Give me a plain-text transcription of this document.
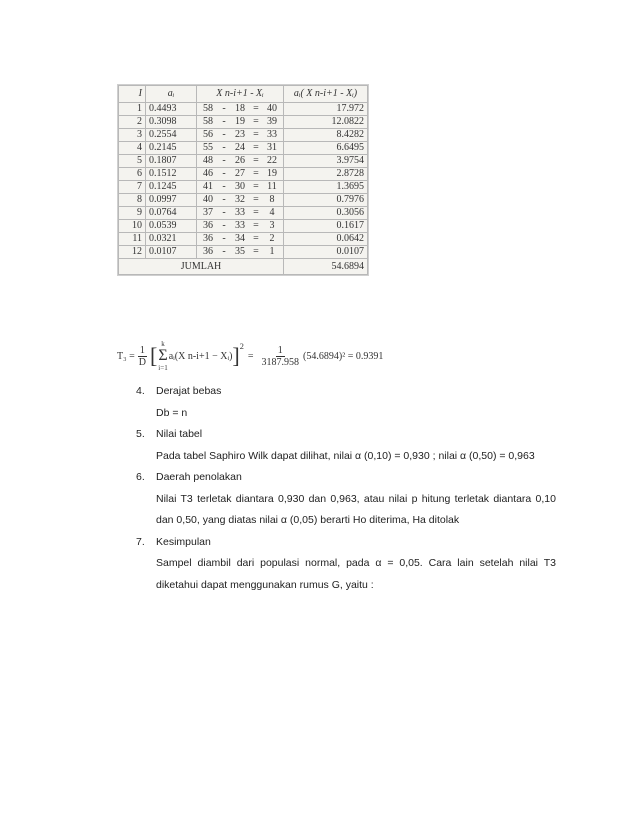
I	aᵢ	X n-i+1 - Xᵢ	aᵢ( X n-i+1 - Xᵢ)
1	0.4493	58 - 18 = 40	17.972
2	0.3098	58 - 19 = 39	12.0822
3	0.2554	56 - 23 = 33	8.4282
4	0.2145	55 - 24 = 31	6.6495
5	0.1807	48 - 26 = 22	3.9754
6	0.1512	46 - 27 = 19	2.8728
7	0.1245	41 - 30 = 11	1.3695
8	0.0997	40 - 32 = 8	0.7976
9	0.0764	37 - 33 = 4	0.3056
10	0.0539	36 - 33 = 3	0.1617
11	0.0321	36 - 34 = 2	0.0642
12	0.0107	36 - 35 = 1	0.0107
JUMLAH			54.6894
$T_3 = \frac{1}{D}$ [ k
Σ
i=1
aᵢ(X n-i+1 − Xᵢ) ]$^2$
= $\frac{1}{3187.958} (54.6894)^2 = 0.9391$
4. Derajat bebas
Db = n
5. Nilai tabel
Pada tabel Saphiro Wilk dapat dilihat, nilai α (0,10) = 0,930 ; nilai α (0,50) = 0,963
6. Daerah penolakan
Nilai T3 terletak diantara 0,930 dan 0,963, atau nilai p hitung terletak diantara 0,10
dan 0,50, yang diatas nilai α (0,05) berarti Ho diterima, Ha ditolak
7. Kesimpulan
Sampel diambil dari populasi normal, pada α = 0,05. Cara lain setelah nilai T3
diketahui dapat menggunakan rumus G, yaitu :
